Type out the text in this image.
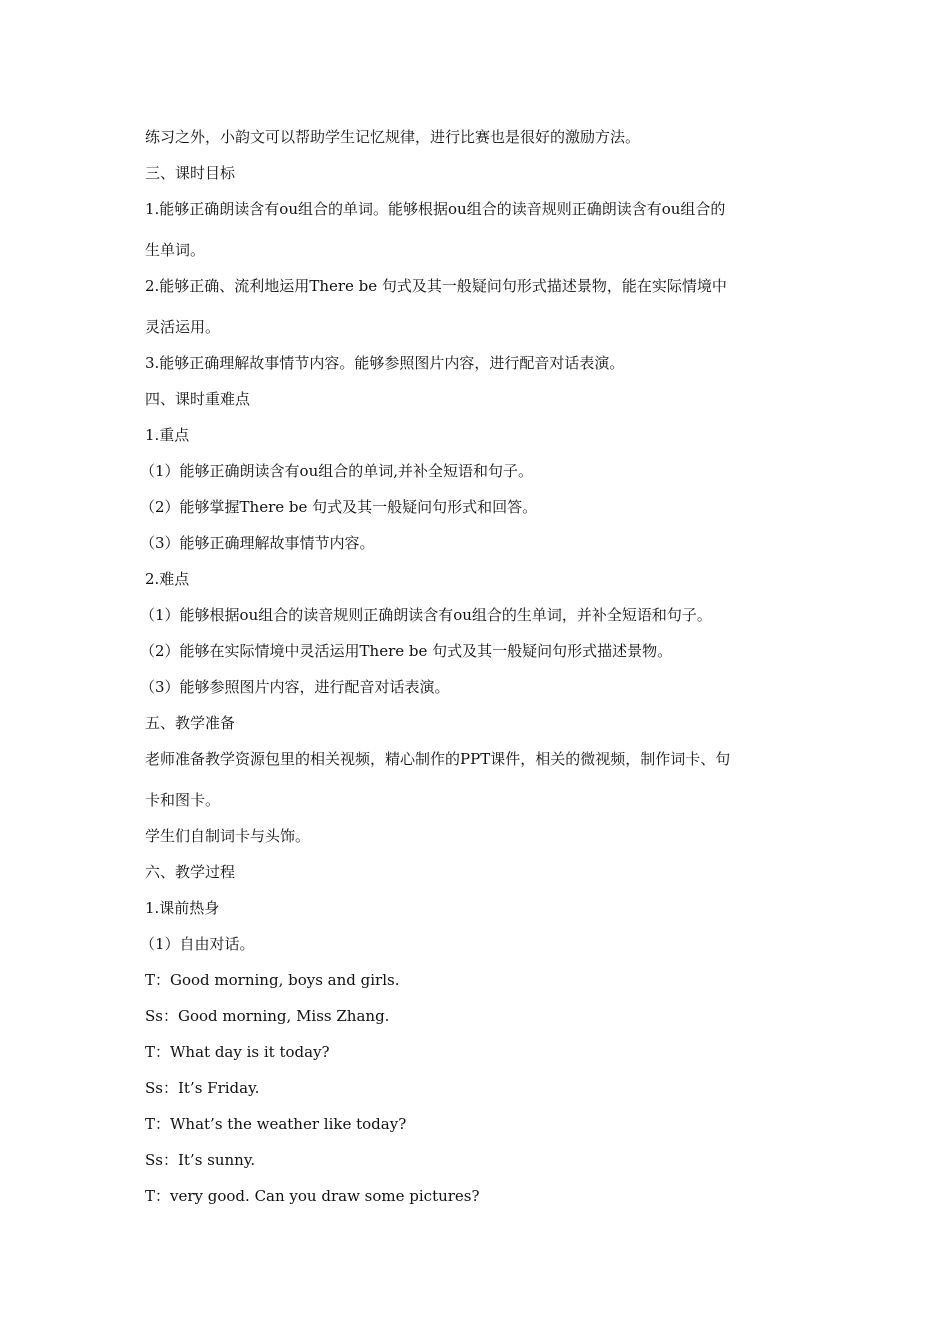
练习之外，小韵文可以帮助学生记忆规律，进行比赛也是很好的激励方法。
三、课时目标
1.能够正确朗读含有ou组合的单词。能够根据ou组合的读音规则正确朗读含有ou组合的
生单词。
2.能够正确、流利地运用There be 句式及其一般疑问句形式描述景物，能在实际情境中
灵活运用。
3.能够正确理解故事情节内容。能够参照图片内容，进行配音对话表演。
四、课时重难点
1.重点
（1）能够正确朗读含有ou组合的单词,并补全短语和句子。
（2）能够掌握There be 句式及其一般疑问句形式和回答。
（3）能够正确理解故事情节内容。
2.难点
（1）能够根据ou组合的读音规则正确朗读含有ou组合的生单词，并补全短语和句子。
（2）能够在实际情境中灵活运用There be 句式及其一般疑问句形式描述景物。
（3）能够参照图片内容，进行配音对话表演。
五、教学准备
老师准备教学资源包里的相关视频，精心制作的PPT课件，相关的微视频，制作词卡、句
卡和图卡。
学生们自制词卡与头饰。
六、教学过程
1.课前热身
（1）自由对话。
T：Good morning, boys and girls.
Ss：Good morning, Miss Zhang.
T：What day is it today?
Ss：It’s Friday.
T：What’s the weather like today?
Ss：It’s sunny.
T：very good. Can you draw some pictures?
